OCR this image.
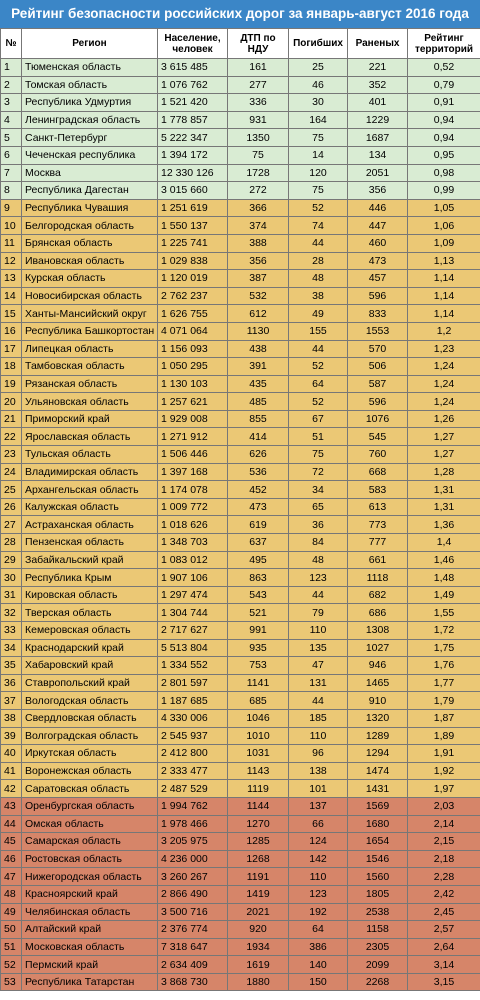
Рейтинг безопасности российских дорог за январь-август 2016 года
№	Регион	Население, человек	ДТП по НДУ	Погибших	Раненых	Рейтинг территорий
1	Тюменская область	3 615 485	161	25	221	0,52
2	Томская область	1 076 762	277	46	352	0,79
3	Республика Удмуртия	1 521 420	336	30	401	0,91
4	Ленинградская область	1 778 857	931	164	1229	0,94
5	Санкт-Петербург	5 222 347	1350	75	1687	0,94
6	Чеченская республика	1 394 172	75	14	134	0,95
7	Москва	12 330 126	1728	120	2051	0,98
8	Республика Дагестан	3 015 660	272	75	356	0,99
9	Республика Чувашия	1 251 619	366	52	446	1,05
10	Белгородская область	1 550 137	374	74	447	1,06
11	Брянская область	1 225 741	388	44	460	1,09
12	Ивановская область	1 029 838	356	28	473	1,13
13	Курская область	1 120 019	387	48	457	1,14
14	Новосибирская область	2 762 237	532	38	596	1,14
15	Ханты-Мансийский округ	1 626 755	612	49	833	1,14
16	Республика Башкортостан	4 071 064	1130	155	1553	1,2
17	Липецкая область	1 156 093	438	44	570	1,23
18	Тамбовская область	1 050 295	391	52	506	1,24
19	Рязанская область	1 130 103	435	64	587	1,24
20	Ульяновская область	1 257 621	485	52	596	1,24
21	Приморский край	1 929 008	855	67	1076	1,26
22	Ярославская область	1 271 912	414	51	545	1,27
23	Тульская область	1 506 446	626	75	760	1,27
24	Владимирская область	1 397 168	536	72	668	1,28
25	Архангельская область	1 174 078	452	34	583	1,31
26	Калужская область	1 009 772	473	65	613	1,31
27	Астраханская область	1 018 626	619	36	773	1,36
28	Пензенская область	1 348 703	637	84	777	1,4
29	Забайкальский край	1 083 012	495	48	661	1,46
30	Республика Крым	1 907 106	863	123	1118	1,48
31	Кировская область	1 297 474	543	44	682	1,49
32	Тверская область	1 304 744	521	79	686	1,55
33	Кемеровская область	2 717 627	991	110	1308	1,72
34	Краснодарский край	5 513 804	935	135	1027	1,75
35	Хабаровский край	1 334 552	753	47	946	1,76
36	Ставропольский край	2 801 597	1141	131	1465	1,77
37	Вологодская область	1 187 685	685	44	910	1,79
38	Свердловская область	4 330 006	1046	185	1320	1,87
39	Волгоградская область	2 545 937	1010	110	1289	1,89
40	Иркутская область	2 412 800	1031	96	1294	1,91
41	Воронежская область	2 333 477	1143	138	1474	1,92
42	Саратовская область	2 487 529	1119	101	1431	1,97
43	Оренбургская область	1 994 762	1144	137	1569	2,03
44	Омская область	1 978 466	1270	66	1680	2,14
45	Самарская область	3 205 975	1285	124	1654	2,15
46	Ростовская область	4 236 000	1268	142	1546	2,18
47	Нижегородская область	3 260 267	1191	110	1560	2,28
48	Красноярский край	2 866 490	1419	123	1805	2,42
49	Челябинская область	3 500 716	2021	192	2538	2,45
50	Алтайский край	2 376 774	920	64	1158	2,57
51	Московская область	7 318 647	1934	386	2305	2,64
52	Пермский край	2 634 409	1619	140	2099	3,14
53	Республика Татарстан	3 868 730	1880	150	2268	3,15
